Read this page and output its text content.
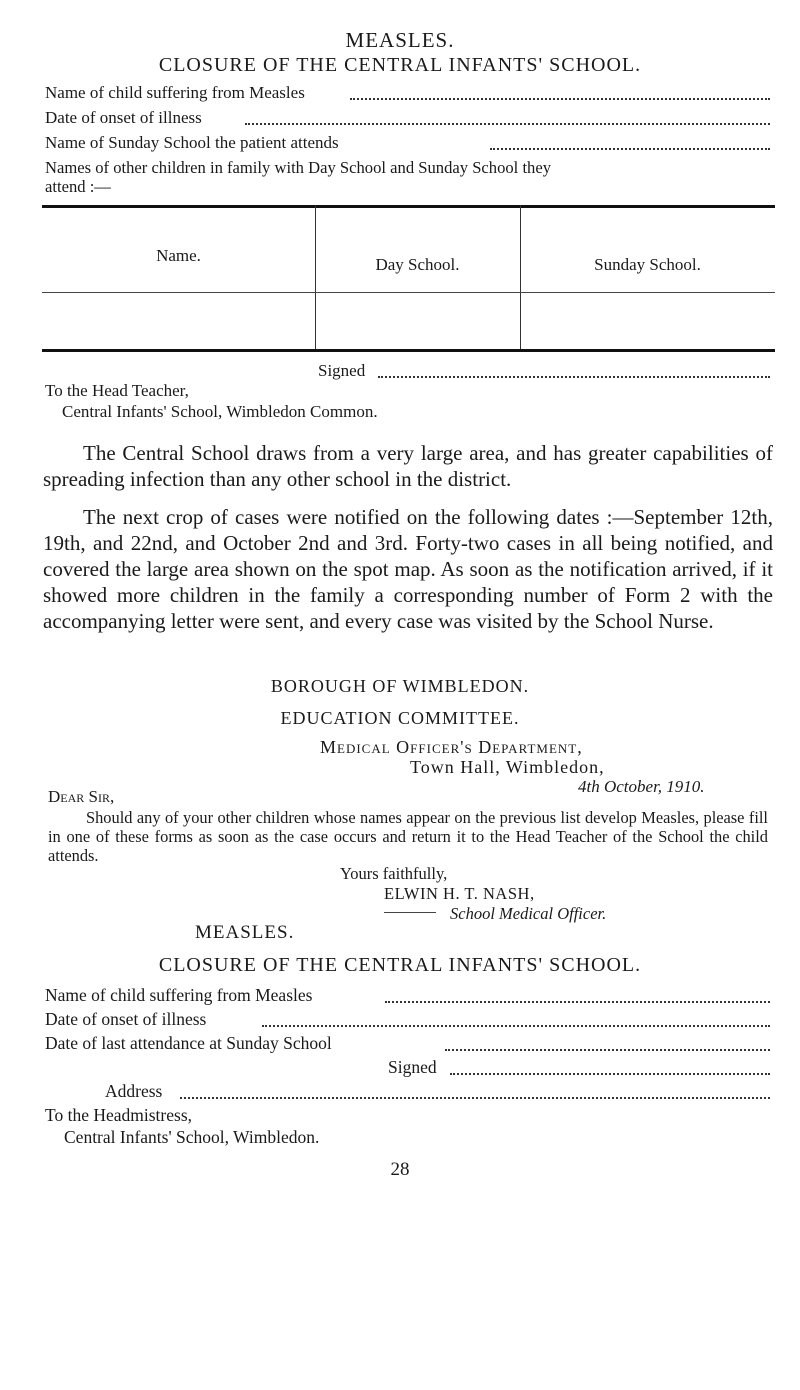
MEASLES.
CLOSURE OF THE CENTRAL INFANTS' SCHOOL.
Name of child suffering from Measles
Date of onset of illness
Name of Sunday School the patient attends
Names of other children in family with Day School and Sunday School they
attend :—
Name.	Day School.	Sunday School.
Signed
To the Head Teacher,
Central Infants' School, Wimbledon Common.
The Central School draws from a very large area, and has greater capabilities of spreading infection than any other school in the district.
The next crop of cases were notified on the following dates :—September 12th, 19th, and 22nd, and October 2nd and 3rd. Forty-two cases in all being notified, and covered the large area shown on the spot map. As soon as the notification arrived, if it showed more children in the family a corresponding number of Form 2 with the accompanying letter were sent, and every case was visited by the School Nurse.
BOROUGH OF WIMBLEDON.
EDUCATION COMMITTEE.
Medical Officer's Department,
Town Hall, Wimbledon,
4th October, 1910.
Dear Sir,
Should any of your other children whose names appear on the previous list develop Measles, please fill in one of these forms as soon as the case occurs and return it to the Head Teacher of the School the child attends.
Yours faithfully,
ELWIN H. T. NASH,
School Medical Officer.
MEASLES.
CLOSURE OF THE CENTRAL INFANTS' SCHOOL.
Name of child suffering from Measles
Date of onset of illness
Date of last attendance at Sunday School
Signed
Address
To the Headmistress,
Central Infants' School, Wimbledon.
28
